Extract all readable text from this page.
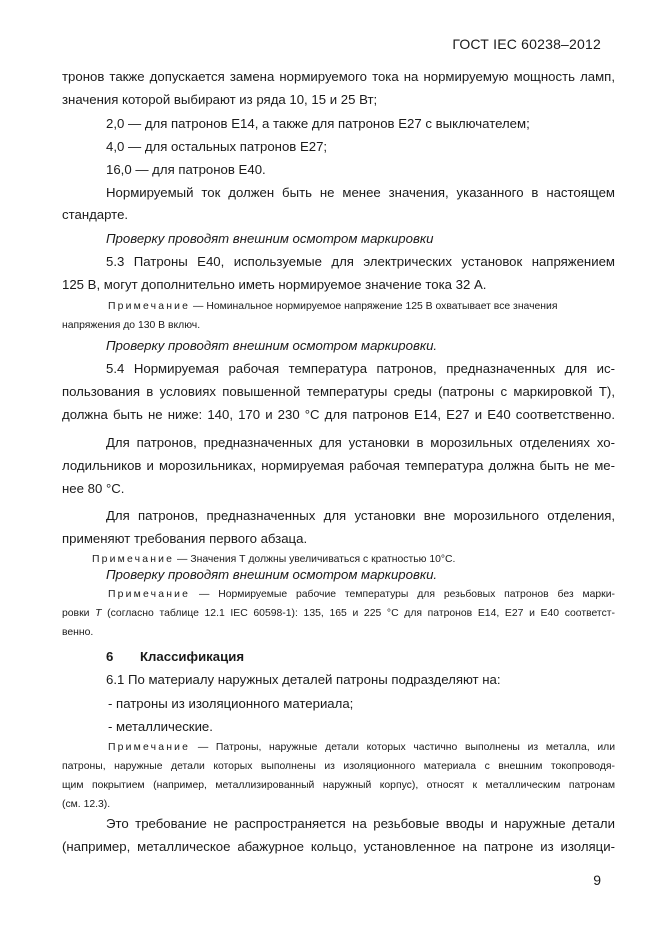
ГОСТ IEC 60238–2012

тронов также допускается замена нормируемого тока на нормируемую мощность ламп,

значения которой выбирают из ряда 10, 15 и 25 Вт;

2,0 — для патронов Е14, а также для патронов Е27 с выключателем;

4,0 — для остальных патронов Е27;

16,0 — для патронов Е40.

Нормируемый ток должен быть не менее значения, указанного в настоящем

стандарте.

Проверку проводят внешним осмотром маркировки

5.3 Патроны Е40, используемые для электрических установок напряжением

125 В, могут дополнительно иметь нормируемое значение тока 32 А.

Примечание — Номинальное нормируемое напряжение 125 В охватывает все значения

напряжения до 130 В включ.

Проверку проводят внешним осмотром маркировки.

5.4 Нормируемая рабочая температура патронов, предназначенных для ис-

пользования в условиях повышенной температуры среды (патроны с маркировкой Т),

должна быть не ниже: 140, 170 и 230 °С для патронов Е14, Е27 и Е40 соответственно.

Для патронов, предназначенных для установки в морозильных отделениях хо-

лодильников и морозильниках, нормируемая рабочая температура должна быть не ме-

нее 80 °С.

Для патронов, предназначенных для установки вне морозильного отделения,

применяют требования первого абзаца.

Примечание — Значения Т должны увеличиваться с кратностью 10°С.

Проверку проводят внешним осмотром маркировки.

Примечание — Нормируемые рабочие температуры для резьбовых патронов без марки-

ровки Т (согласно таблице 12.1 IEC 60598-1): 135, 165 и 225 °С для патронов Е14, Е27 и Е40 соответст-

венно.

6 Классификация

6.1 По материалу наружных деталей патроны подразделяют на:

- патроны из изоляционного материала;

- металлические.

Примечание — Патроны, наружные детали которых частично выполнены из металла, или

патроны, наружные детали которых выполнены из изоляционного материала с внешним токопроводя-

щим покрытием (например, металлизированный наружный корпус), относят к металлическим патронам

(см. 12.3).

Это требование не распространяется на резьбовые вводы и наружные детали

(например, металлическое абажурное кольцо, установленное на патроне из изоляци-

9
